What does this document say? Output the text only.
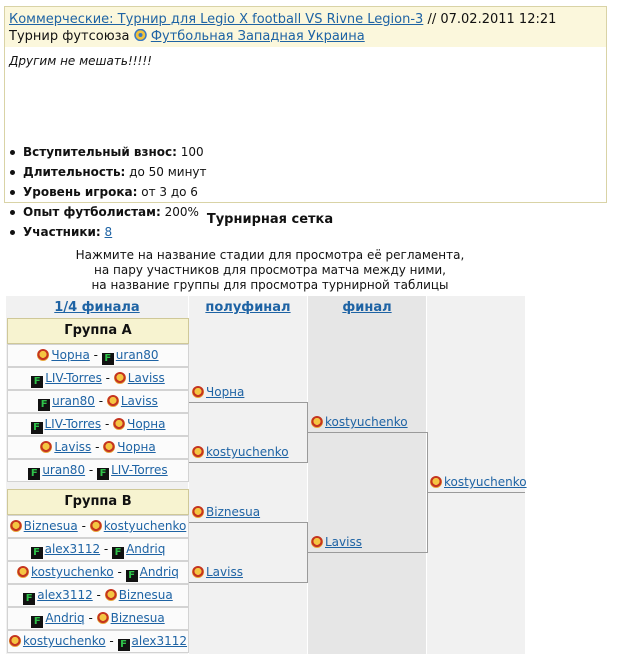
Коммерческие: Турнир для Legio X football VS Rivne Legion-3 // 07.02.2011 12:21
Турнир футсоюза Футбольная Западная Украина
Другим не мешать!!!!!
Вступительный взнос: 100
Длительность: до 50 минут
Уровень игрока: от 3 до 6
Опыт футболистам: 200%
Участники: 8
Турнирная сетка
Нажмите на название стадии для просмотра её регламента,
на пару участников для просмотра матча между ними,
на название группы для просмотра турнирной таблицы
1/4 финала	полуфинал	финал
Группа A
Чорна - F uran80
F LIV-Torres - Laviss
F uran80 - Laviss
F LIV-Torres - Чорна
Laviss - Чорна
F uran80 - F LIV-Torres
Группа B
Biznesua - kostyuchenko
F alex3112 - F Andriq
kostyuchenko - F Andriq
F alex3112 - Biznesua
F Andriq - Biznesua
kostyuchenko - F alex3112
Чорна
kostyuchenko
Biznesua
Laviss
kostyuchenko
Laviss
kostyuchenko
